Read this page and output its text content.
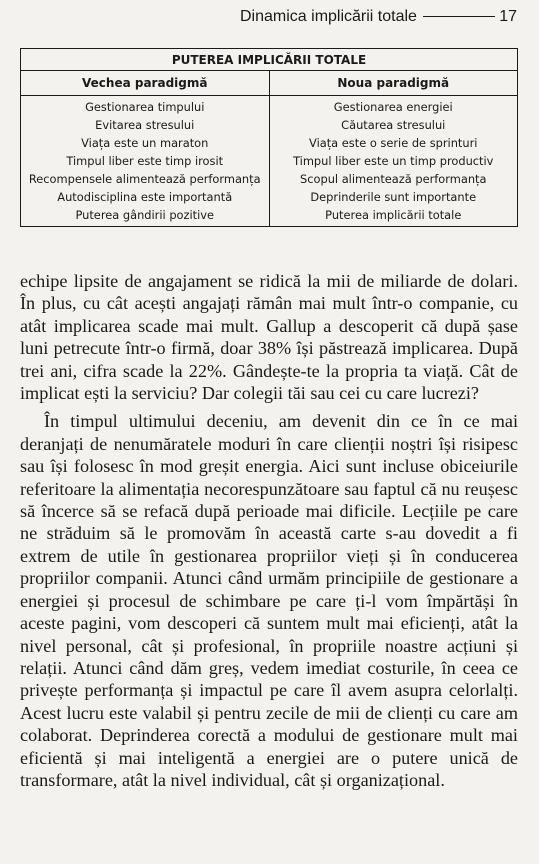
Dinamica implicării totale	17
PUTEREA IMPLICĂRII TOTALE
Vechea paradigmă
Gestionarea timpului
Evitarea stresului
Viața este un maraton
Timpul liber este timp irosit
Recompensele alimentează performanța
Autodisciplina este importantă
Puterea gândirii pozitive
Noua paradigmă
Gestionarea energiei
Căutarea stresului
Viața este o serie de sprinturi
Timpul liber este un timp productiv
Scopul alimentează performanța
Deprinderile sunt importante
Puterea implicării totale

echipe lipsite de angajament se ridică la mii de miliarde de dolari. În plus, cu cât acești angajați rămân mai mult într-o companie, cu atât implicarea scade mai mult. Gallup a descoperit că după șase luni petrecute într-o firmă, doar 38% își păstrează implicarea. După trei ani, cifra scade la 22%. Gândește-te la propria ta viață. Cât de implicat ești la serviciu? Dar colegii tăi sau cei cu care lucrezi?

În timpul ultimului deceniu, am devenit din ce în ce mai deranjați de nenumăratele moduri în care clienții noștri își risipesc sau își folosesc în mod greșit energia. Aici sunt incluse obiceiurile referitoare la alimentația necorespunzătoare sau faptul că nu reușesc să încerce să se refacă după perioade mai dificile. Lecțiile pe care ne străduim să le promovăm în această carte s-au dovedit a fi extrem de utile în gestionarea propriilor vieți și în conducerea propriilor companii. Atunci când urmăm principiile de gestionare a energiei și procesul de schimbare pe care ți-l vom împărtăși în aceste pagini, vom descoperi că suntem mult mai eficienți, atât la nivel personal, cât și profesional, în propriile noastre acțiuni și relații. Atunci când dăm greș, vedem imediat costurile, în ceea ce privește performanța și impactul pe care îl avem asupra celorlalți. Acest lucru este valabil și pentru zecile de mii de clienți cu care am colaborat. Deprinderea corectă a modului de gestionare mult mai eficientă și mai inteligentă a energiei are o putere unică de transformare, atât la nivel individual, cât și organizațional.
